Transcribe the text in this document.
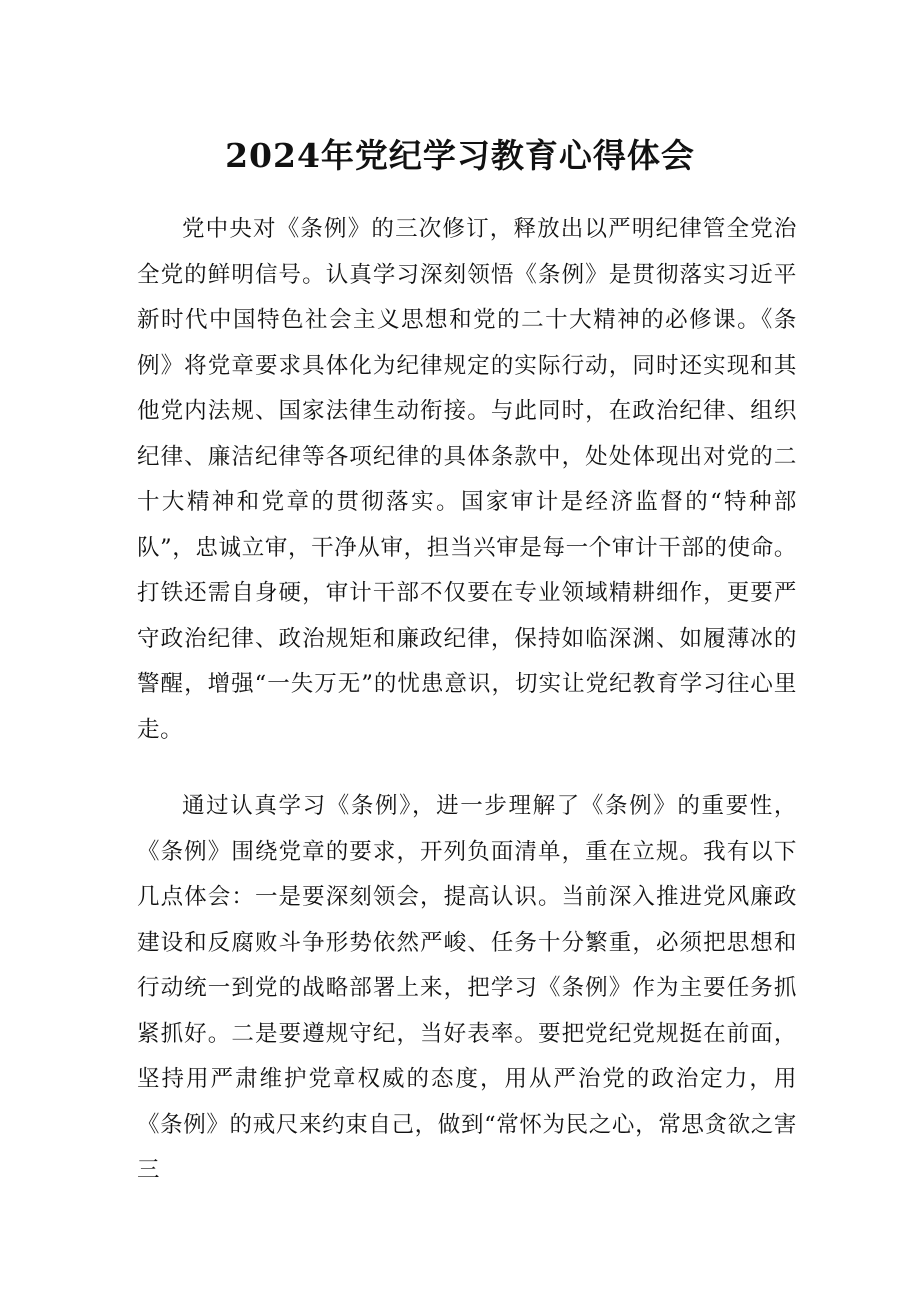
2024年党纪学习教育心得体会

党中央对《条例》的三次修订，释放出以严明纪律管全党治全党的鲜明信号。认真学习深刻领悟《条例》是贯彻落实习近平新时代中国特色社会主义思想和党的二十大精神的必修课。《条例》将党章要求具体化为纪律规定的实际行动，同时还实现和其他党内法规、国家法律生动衔接。与此同时，在政治纪律、组织纪律、廉洁纪律等各项纪律的具体条款中，处处体现出对党的二十大精神和党章的贯彻落实。国家审计是经济监督的“特种部队”，忠诚立审，干净从审，担当兴审是每一个审计干部的使命。打铁还需自身硬，审计干部不仅要在专业领域精耕细作，更要严守政治纪律、政治规矩和廉政纪律，保持如临深渊、如履薄冰的警醒，增强“一失万无”的忧患意识，切实让党纪教育学习往心里走。

通过认真学习《条例》，进一步理解了《条例》的重要性，《条例》围绕党章的要求，开列负面清单，重在立规。我有以下几点体会：一是要深刻领会，提高认识。当前深入推进党风廉政建设和反腐败斗争形势依然严峻、任务十分繁重，必须把思想和行动统一到党的战略部署上来，把学习《条例》作为主要任务抓紧抓好。二是要遵规守纪，当好表率。要把党纪党规挺在前面，坚持用严肃维护党章权威的态度，用从严治党的政治定力，用《条例》的戒尺来约束自己，做到“常怀为民之心，常思贪欲之害三
